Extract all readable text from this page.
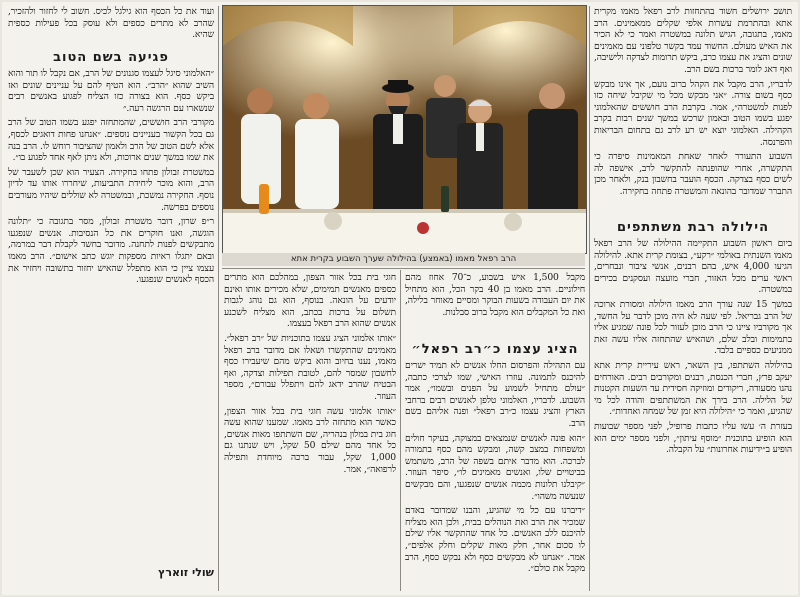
הרב רפאל מאמו (באמצע) בהילולה שערך השבוע בקרית אתא

תושב ירושלים חשוד בהתחזות לרב רפאל מאמו מקרית אתא ובהתרמת עשרות אלפי שקלים ממאמינים. הרב מאמו, בתגובה, הגיש תלונה במשטרה ואמר כי לא הכיר את האיש מעולם. החשוד עמד בקשר טלפוני עם מאמינים שונים והציג את עצמו כרב, ביקש תרומות לצדקה ולישיבה, ואף דאג לומר ברכות בשם הרב.

לדבריו, הרב מקבל את הקהל ברוב נועם, אך אינו מבקש כסף בשום צורה. ״אני מבקש מכל מי שקיבל שיחה כזו לפנות למשטרה״, אמר. בקרבת הרב חוששים שהאלמוני יפגע בשמו הטוב ובאמון שרכש במשך שנים רבות בקרב הקהילה. האלמוני יוצא יש רע לרב גם בתחום הבריאות והפרנסה.

השבוע התעורר לאחר שאחת המאמינות סיפרה כי התקשרה, אחרי שהופנתה להתקשר לרב, אישפה לה לשים כסף בצדקה. הכסף הועבר בחשבון בנק, ולאחר מכן התברר שמדובר בהונאה והמשטרה פתחה בחקירה.

הילולה רבת משתתפים

ביום ראשון השבוע התקיימה ההילולה של הרב רפאל מאמו השנתית באולמי ״רקע״, בצומת קרית אתא. להילולה הגיעו 4,000 איש, בהם רבנים, אנשי ציבור ונבחרים, ראשי ערים מכל האזור, חברי מועצה ועסקנים בכירים במשטרה.

במשך 15 שנה עורך הרב מאמו הילולה ומסורת ארוכה של הרב גבריאל. לפי שעה לא היה מוכן לדבר על החשד, אך מקורביו ציינו כי הרב מוכן לעזור לכל פונה שמגיע אליו בתמימות ובלב שלם, ושהאיש שהתחזה אליו עשה זאת ממניעים כספיים בלבד.

בהילולה השתתפו, בין השאר, ראש עיריית קרית אתא יעקב פרץ, חברי הכנסת, רבנים ומקורבים רבים. האורחים נהנו מסעודה, ריקודים ומוזיקה חסידית עד השעות הקטנות של הלילה. הרב בירך את המשתתפים והודה לכל מי שהגיע, ואמר כי ״הילולה היא זמן של שמחה ואחדות״.

בעזרת ה׳ עשו עליו כתבות פרופיל, לפני מספר שבועות הוא הופיע בתוכנית ״מוסף עיתון״, ולפני מספר ימים הוא הופיע ב״ידיעות אחרונות״ על הקבלה.

מקבל 1,500 איש בשבוע, כ־70 אחוז מהם חילוניים. הרב מאמו בן 40 בקר הכל, הוא מתחיל את יום העבודה בשעות הבוקר ומסיים מאוחר בלילה, ואת כל המקבלים הוא מקבל ברוב סבלנות.

הציג עצמו כ״רב רפאל״

עם התהילה והפרסום החלו אנשים לא תמיד ישרים להיכנס לתמונה. עוזרו האישי, שמו לצרכי כתבה, ״עולם מתחיל לשמוע על הפנים ובשמו״, אמר השבוע. לדבריו, האלמוני טלפן לאנשים רבים ברחבי הארץ והציג עצמו כ״רב רפאל״ ופנה אליהם בשם הרב.

״הוא פונה לאנשים שנמצאים במצוקה, בעיקר חולים ומשפחות במצב קשה, ומבקש מהם כסף בתמורה לברכה. הוא מדבר איתם בשפה של הרב, משתמש בביטויים שלו, ואנשים מאמינים לו״, סיפר העוזר. ״קיבלנו תלונות מכמה אנשים שנפגעו, והם מבקשים שנעשה משהו״.

״דיברנו עם כל מי שהגיע, והבנו שמדובר באדם שמכיר את הרב ואת הנוהלים בבית, ולכן הוא מצליח להיכנס ללב האנשים. כל אחד שהתקשר אליו שילם לו סכום אחר, חלק מאות שקלים וחלק אלפים״, אמר. ״אנחנו לא מבקשים כסף ולא נבקש כסף, הרב מקבל את כולם״.

חוגי בית בכל אזור הצפון, במהלכם הוא מתרים כספים מאנשים תמימים, שלא מכירים אותו ואינם יודעים על הונאה. בנוסף, הוא גם נוהג לגבות תשלום על ברכות בכתב, הוא מצליח לשכנע אנשים שהוא הרב רפאל בעצמו.

״אותו אלמוני הציג עצמו בתוכניות של ״רב רפאל״. מאמינים שהתקשרו ושאלו אם מדובר ברב רפאל מאמו, נענו בחיוב והוא ביקש מהם שיעבירו כסף לחשבון שמסר להם, לטובת תפילות וצדקה, ואף הבטיח שהרב ידאג להם ויתפלל עבורם״, מספר העוזר.

״אותו אלמוני עשה חוגי בית בכל אזור הצפון, כאשר הוא מתחזה לרב מאמו. שמענו שהוא עשה חוג בית במלון בנהריה, שם השתתפו מאות אנשים, כל אחד מהם שילם 50 שקל, ויש שנתנו גם 1,000 שקל, עבור ברכה מיוחדת ותפילה לרפואה״, אמר.

ועוד את כל הכסף הוא גילגל לכיס. חשוב לי לחזור ולהזכיר, שהרב לא מתרים כספים ולא עוסק בכל פעילות כספית שהיא.

פגיעה בשם הטוב

״האלמוני סיגל לעצמו סגנונים של הרב, אם נקבל לו תור והוא השיב שהוא ״הרב״. הוא הטיף להם על עניינים שונים ואז ביקש כסף. הוא בצורה כזו הצליח לפגוע באנשים רבים שנשארו עם הרגשה רעה.״

מקורבי הרב חוששים, שהמתחזה יפגע בשמו הטוב של הרב גם בכל הקשור בעניינים נוספים. ״אנחנו פחות דואגים לכסף, אלא לשם הטוב של הרב ולאמון שהציבור רוחש לו. הרב בנה את שמו במשך שנים ארוכות, ולא ניתן לאף אחד לפגוע בו״.

במשטרת זבולון פתחו בחקירה. הצעיר הוא שכן לשעבר של הרב, והוא מוכר ליחידת התביעות, שיחררו אותו עד לדיון נוסף. החקירה נמשכת, ובמשטרה לא שוללים שיהיו מעורבים נוספים בפרשה.

ר״פ שרון, דובר משטרת זבולון, מסר בתגובה כי ״תלונה הוגשה, ואנו חוקרים את כל הנסיבות. אנשים שנפגעו מתבקשים לפנות לתחנה. מדובר בחשד לקבלת דבר במרמה, ובאם יתגלו ראיות מספקות יוגש כתב אישום״. הרב מאמו עצמו ציין כי הוא מתפלל שהאיש יחזור בתשובה ויחזיר את הכסף לאנשים שנפגעו.

שולי זוארץ
